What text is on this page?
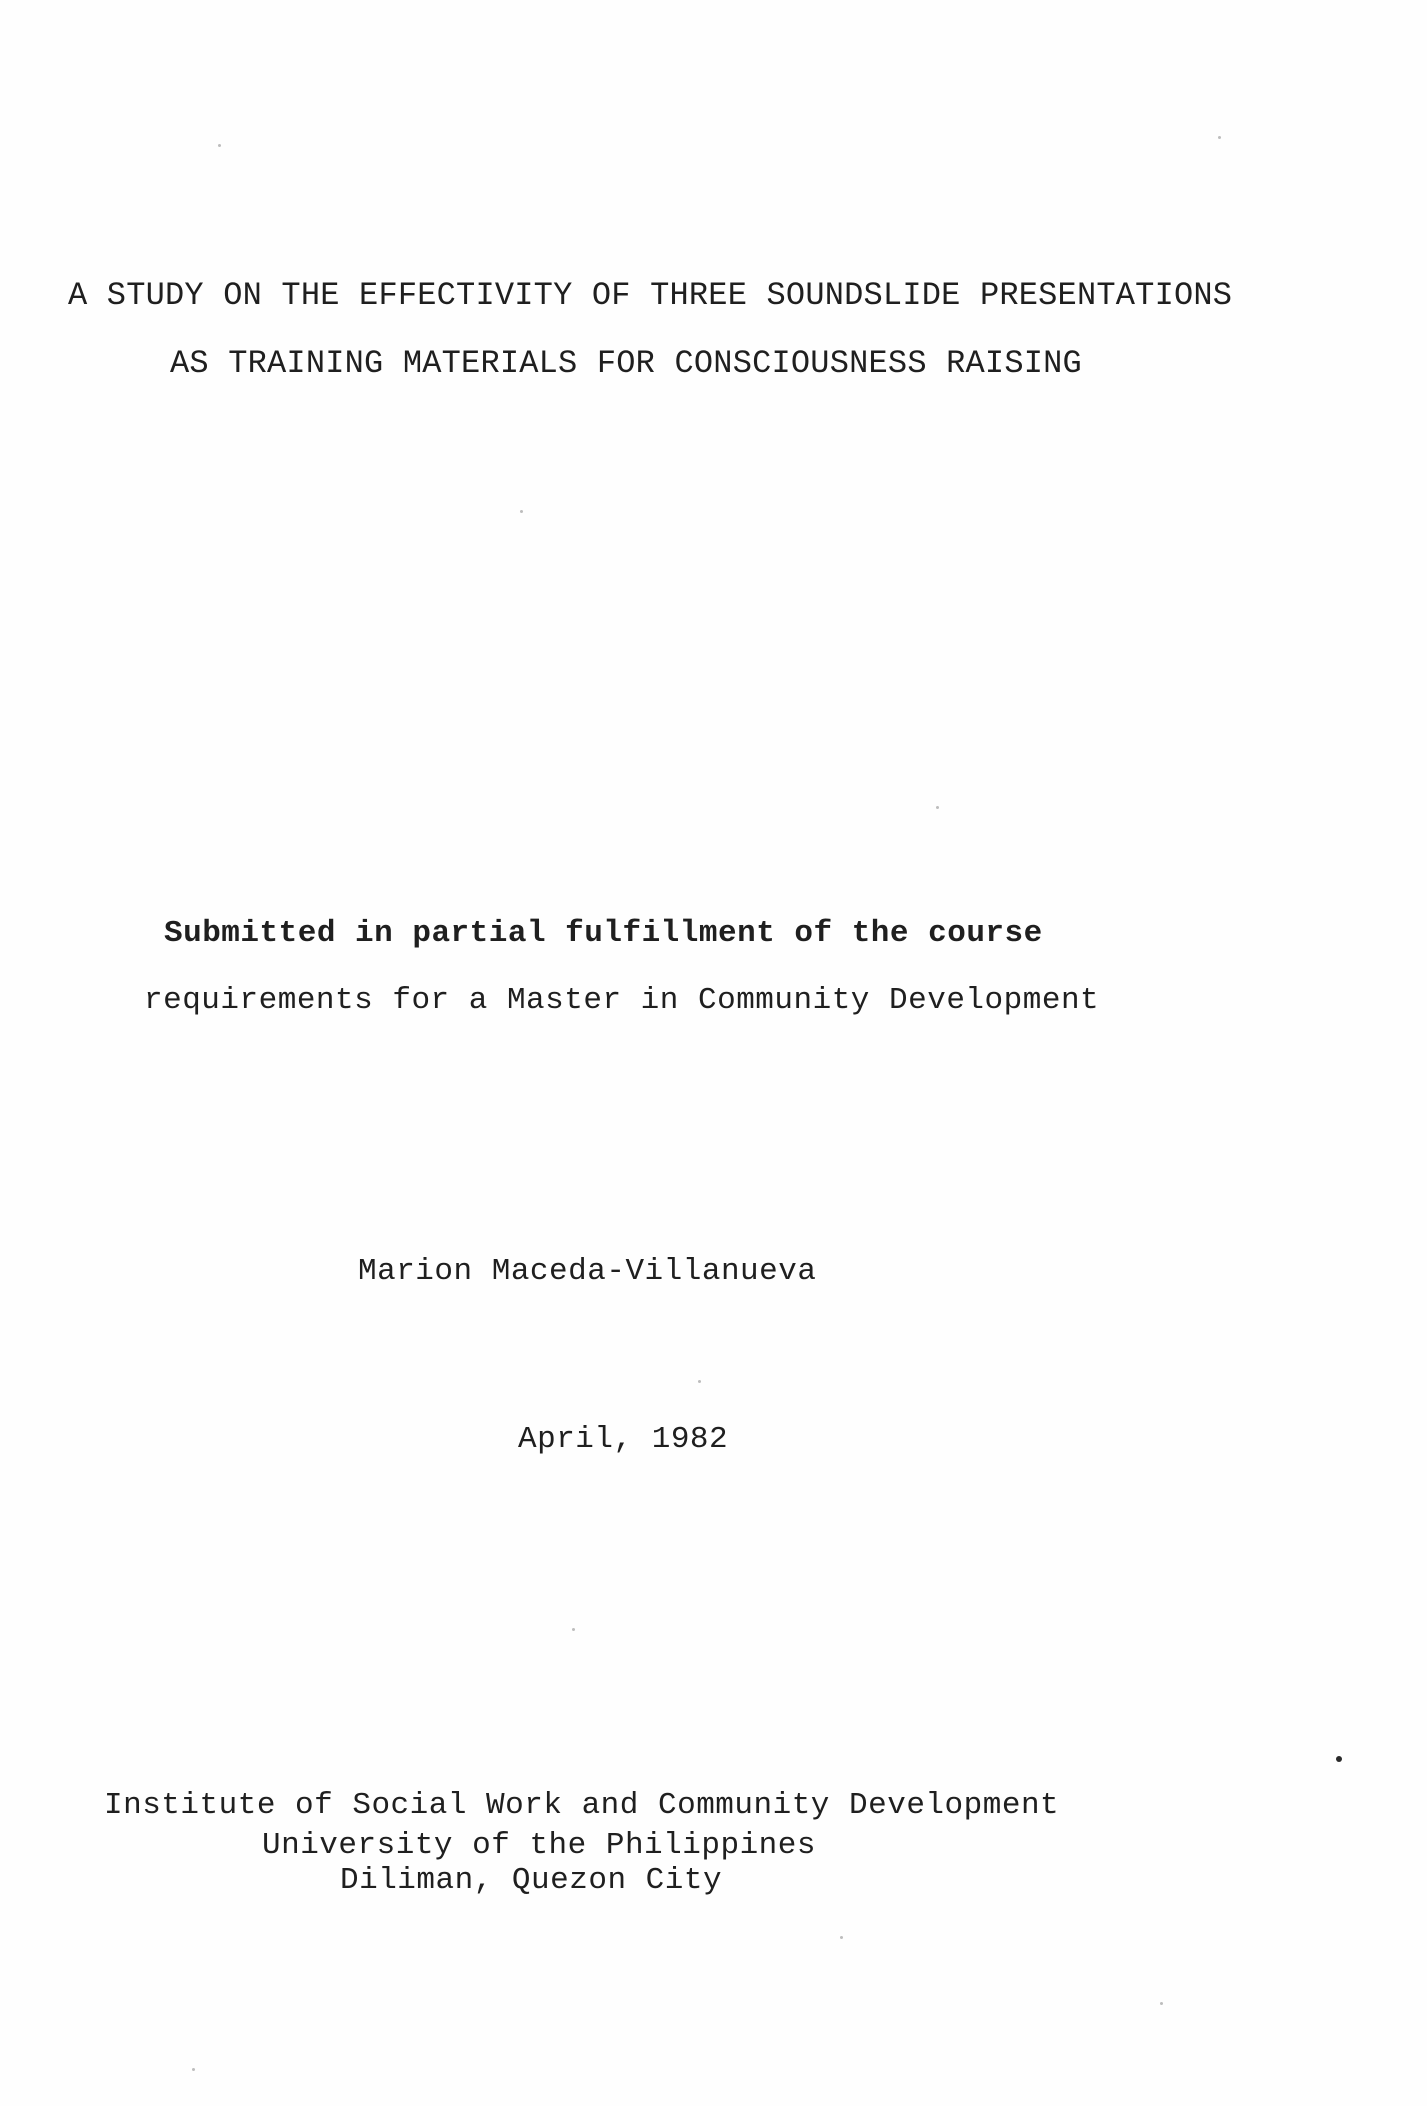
A STUDY ON THE EFFECTIVITY OF THREE SOUNDSLIDE PRESENTATIONS
AS TRAINING MATERIALS FOR CONSCIOUSNESS RAISING
Submitted in partial fulfillment of the course
requirements for a Master in Community Development
Marion Maceda-Villanueva
April, 1982
Institute of Social Work and Community Development
University of the Philippines
Diliman, Quezon City
